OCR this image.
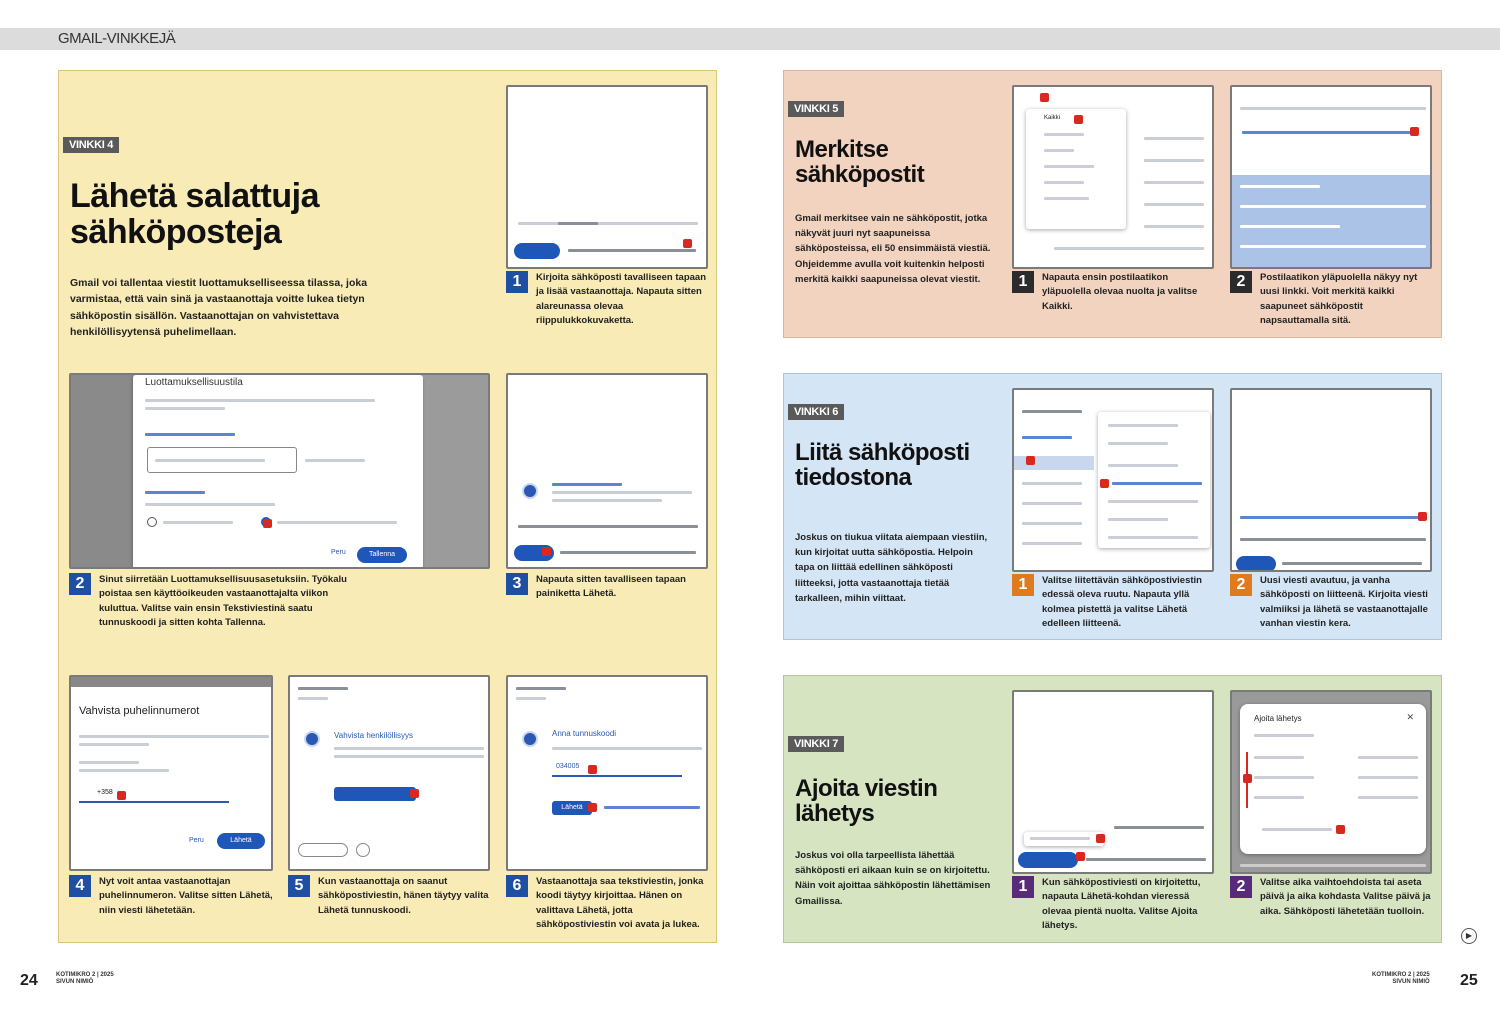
GMAIL-VINKKEJÄ
VINKKI 4
Lähetä salattuja sähköposteja
Gmail voi tallentaa viestit luottamukselliseessa tilassa, joka varmistaa, että vain sinä ja vastaanottaja voitte lukea tietyn sähköpostin sisällön. Vastaanottajan on vahvistettava henkilöllisyytensä puhelimellaan.
1	Kirjoita sähköposti tavalliseen tapaan ja lisää vastaanottaja. Napauta sitten alareunassa olevaa riippulukkokuvaketta.
Luottamuksellisuustila
Peru	Tallenna
2	Sinut siirretään Luottamuksellisuusasetuksiin. Työkalu poistaa sen käyttöoikeuden vastaanottajalta viikon kuluttua. Valitse vain ensin Tekstiviestinä saatu tunnuskoodi ja sitten kohta Tallenna.
3	Napauta sitten tavalliseen tapaan painiketta Lähetä.
Vahvista puhelinnumerot
+358
Peru	Lähetä
4	Nyt voit antaa vastaanottajan puhelinnumeron. Valitse sitten Lähetä, niin viesti lähetetään.
Vahvista henkilöllisyys
5	Kun vastaanottaja on saanut sähköpostiviestin, hänen täytyy valita Lähetä tunnuskoodi.
Anna tunnuskoodi
034005
Lähetä
6	Vastaanottaja saa tekstiviestin, jonka koodi täytyy kirjoittaa. Hänen on valittava Lähetä, jotta sähköpostiviestin voi avata ja lukea.
VINKKI 5
Merkitse sähköpostit
Gmail merkitsee vain ne sähköpostit, jotka näkyvät juuri nyt saapuneissa sähköposteissa, eli 50 ensimmäistä viestiä. Ohjeidemme avulla voit kuitenkin helposti merkitä kaikki saapuneissa olevat viestit.
Kaikki
1	Napauta ensin postilaatikon yläpuolella olevaa nuolta ja valitse Kaikki.
2	Postilaatikon yläpuolella näkyy nyt uusi linkki. Voit merkitä kaikki saapuneet sähköpostit napsauttamalla sitä.
VINKKI 6
Liitä sähköposti tiedostona
Joskus on tiukua viitata aiempaan viestiin, kun kirjoitat uutta sähköpostia. Helpoin tapa on liittää edellinen sähköposti liitteeksi, jotta vastaanottaja tietää tarkalleen, mihin viittaat.
1	Valitse liitettävän sähköpostiviestin edessä oleva ruutu. Napauta yllä kolmea pistettä ja valitse Lähetä edelleen liitteenä.
2	Uusi viesti avautuu, ja vanha sähköposti on liitteenä. Kirjoita viesti valmiiksi ja lähetä se vastaanottajalle vanhan viestin kera.
VINKKI 7
Ajoita viestin lähetys
Joskus voi olla tarpeellista lähettää sähköposti eri aikaan kuin se on kirjoitettu. Näin voit ajoittaa sähköpostin lähettämisen Gmailissa.
1	Kun sähköpostiviesti on kirjoitettu, napauta Lähetä-kohdan vieressä olevaa pientä nuolta. Valitse Ajoita lähetys.
Ajoita lähetys	✕
2	Valitse aika vaihtoehdoista tai aseta päivä ja aika kohdasta Valitse päivä ja aika. Sähköposti lähetetään tuolloin.
24	KOTIMIKRO 2 | 2025
SIVUN NIMIÖ
KOTIMIKRO 2 | 2025
SIVUN NIMIÖ 25
▶
